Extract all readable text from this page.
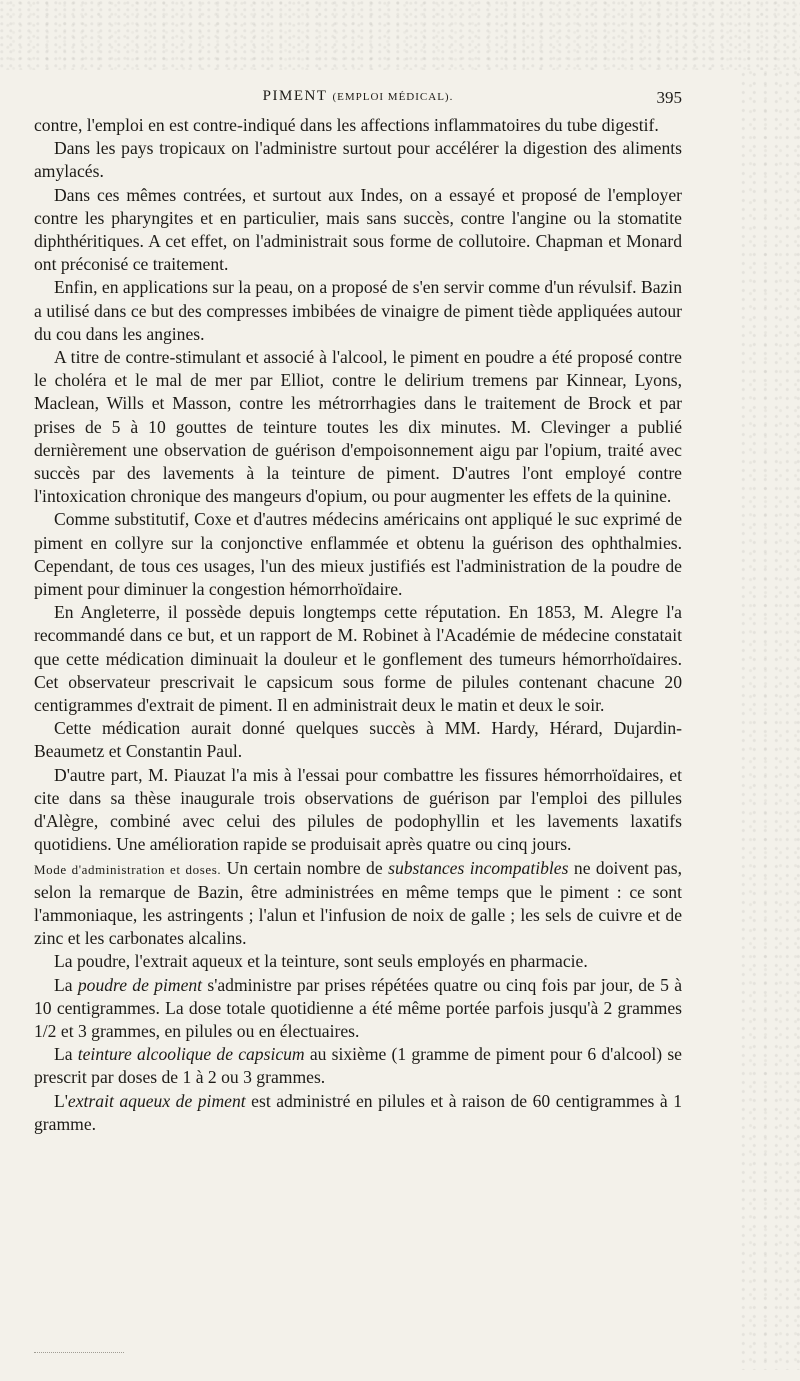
PIMENT (EMPLOI MÉDICAL).	395

contre, l'emploi en est contre-indiqué dans les affections inflammatoires du tube digestif.

Dans les pays tropicaux on l'administre surtout pour accélérer la digestion des aliments amylacés.

Dans ces mêmes contrées, et surtout aux Indes, on a essayé et proposé de l'employer contre les pharyngites et en particulier, mais sans succès, contre l'angine ou la stomatite diphthéritiques. A cet effet, on l'administrait sous forme de collutoire. Chapman et Monard ont préconisé ce traitement.

Enfin, en applications sur la peau, on a proposé de s'en servir comme d'un révulsif. Bazin a utilisé dans ce but des compresses imbibées de vinaigre de piment tiède appliquées autour du cou dans les angines.

A titre de contre-stimulant et associé à l'alcool, le piment en poudre a été proposé contre le choléra et le mal de mer par Elliot, contre le delirium tremens par Kinnear, Lyons, Maclean, Wills et Masson, contre les métrorrhagies dans le traitement de Brock et par prises de 5 à 10 gouttes de teinture toutes les dix minutes. M. Clevinger a publié dernièrement une observation de guérison d'empoisonnement aigu par l'opium, traité avec succès par des lavements à la teinture de piment. D'autres l'ont employé contre l'intoxication chronique des mangeurs d'opium, ou pour augmenter les effets de la quinine.

Comme substitutif, Coxe et d'autres médecins américains ont appliqué le suc exprimé de piment en collyre sur la conjonctive enflammée et obtenu la guérison des ophthalmies. Cependant, de tous ces usages, l'un des mieux justifiés est l'administration de la poudre de piment pour diminuer la congestion hémorrhoïdaire.

En Angleterre, il possède depuis longtemps cette réputation. En 1853, M. Alegre l'a recommandé dans ce but, et un rapport de M. Robinet à l'Académie de médecine constatait que cette médication diminuait la douleur et le gonflement des tumeurs hémorrhoïdaires. Cet observateur prescrivait le capsicum sous forme de pilules contenant chacune 20 centigrammes d'extrait de piment. Il en administrait deux le matin et deux le soir.

Cette médication aurait donné quelques succès à MM. Hardy, Hérard, Dujardin-Beaumetz et Constantin Paul.

D'autre part, M. Piauzat l'a mis à l'essai pour combattre les fissures hémorrhoïdaires, et cite dans sa thèse inaugurale trois observations de guérison par l'emploi des pillules d'Alègre, combiné avec celui des pilules de podophyllin et les lavements laxatifs quotidiens. Une amélioration rapide se produisait après quatre ou cinq jours.

Mode d'administration et doses. Un certain nombre de substances incompatibles ne doivent pas, selon la remarque de Bazin, être administrées en même temps que le piment : ce sont l'ammoniaque, les astringents ; l'alun et l'infusion de noix de galle ; les sels de cuivre et de zinc et les carbonates alcalins.

La poudre, l'extrait aqueux et la teinture, sont seuls employés en pharmacie.

La poudre de piment s'administre par prises répétées quatre ou cinq fois par jour, de 5 à 10 centigrammes. La dose totale quotidienne a été même portée parfois jusqu'à 2 grammes 1/2 et 3 grammes, en pilules ou en électuaires.

La teinture alcoolique de capsicum au sixième (1 gramme de piment pour 6 d'alcool) se prescrit par doses de 1 à 2 ou 3 grammes.

L'extrait aqueux de piment est administré en pilules et à raison de 60 centigrammes à 1 gramme.
